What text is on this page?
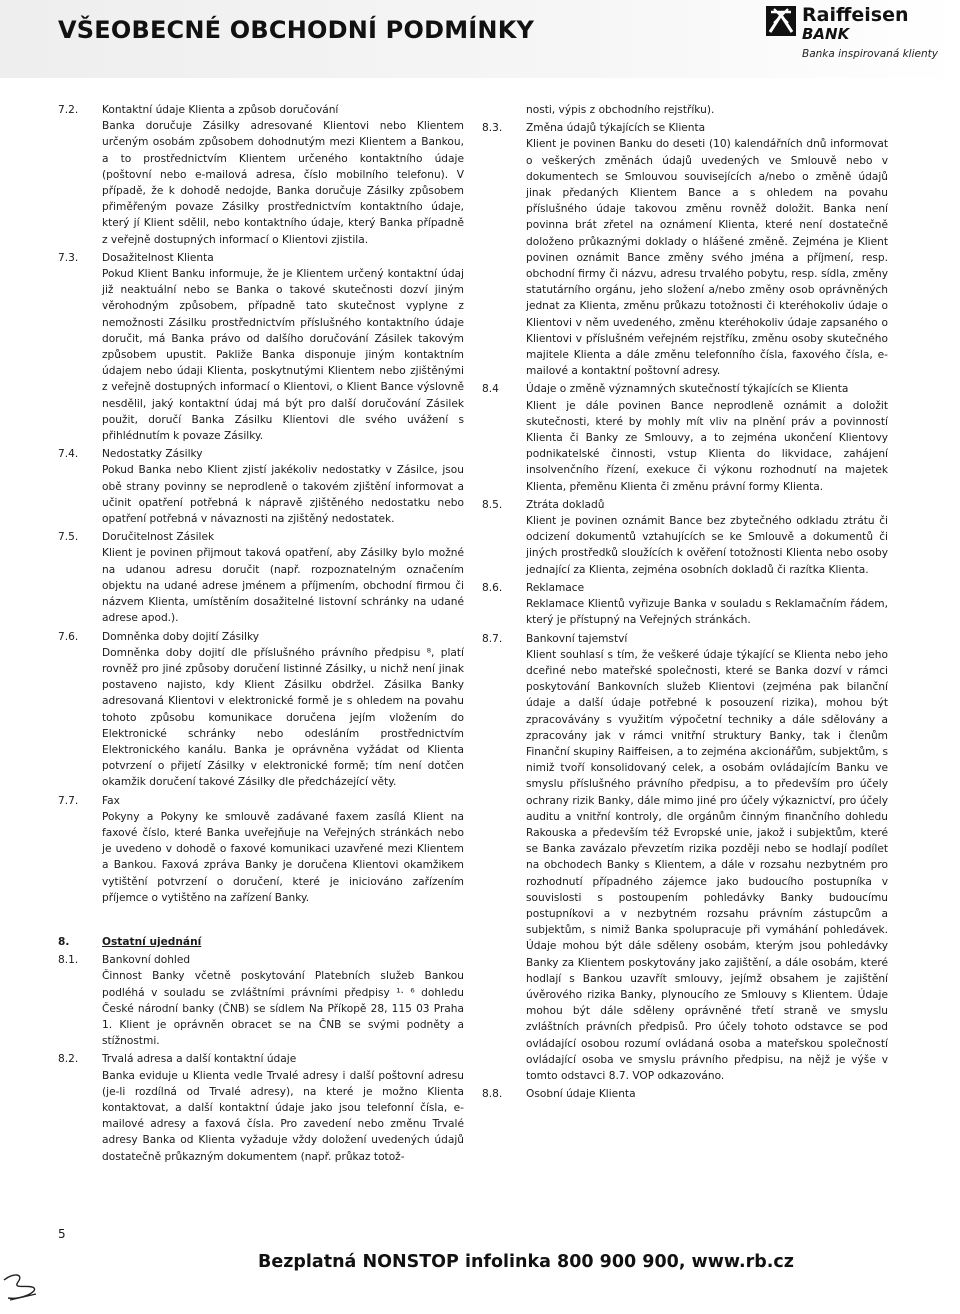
VŠEOBECNÉ OBCHODNÍ PODMÍNKY
Raiffeisen
BANK
Banka inspirovaná klienty
7.2.	Kontaktní údaje Klienta a způsob doručování
Banka doručuje Zásilky adresované Klientovi nebo Klientem určeným osobám způsobem dohodnutým mezi Klientem a Bankou, a to prostřednictvím Klientem určeného kontaktního údaje (poštovní nebo e-mailová adresa, číslo mobilního telefonu). V případě, že k dohodě nedojde, Banka doručuje Zásilky způsobem přiměřeným povaze Zásilky prostřednictvím kontaktního údaje, který jí Klient sdělil, nebo kontaktního údaje, který Banka případně z veřejně dostupných informací o Klientovi zjistila.
7.3.	Dosažitelnost Klienta
Pokud Klient Banku informuje, že je Klientem určený kontaktní údaj již neaktuální nebo se Banka o takové skutečnosti dozví jiným věrohodným způsobem, případně tato skutečnost vyplyne z nemožnosti Zásilku prostřednictvím příslušného kontaktního údaje doručit, má Banka právo od dalšího doručování Zásilek takovým způsobem upustit. Pakliže Banka disponuje jiným kontaktním údajem nebo údaji Klienta, poskytnutými Klientem nebo zjištěnými z veřejně dostupných informací o Klientovi, o Klient Bance výslovně nesdělil, jaký kontaktní údaj má být pro další doručování Zásilek použit, doručí Banka Zásilku Klientovi dle svého uvážení s přihlédnutím k povaze Zásilky.
7.4.	Nedostatky Zásilky
Pokud Banka nebo Klient zjistí jakékoliv nedostatky v Zásilce, jsou obě strany povinny se neprodleně o takovém zjištění informovat a učinit opatření potřebná k nápravě zjištěného nedostatku nebo opatření potřebná v návaznosti na zjištěný nedostatek.
7.5.	Doručitelnost Zásilek
Klient je povinen přijmout taková opatření, aby Zásilky bylo možné na udanou adresu doručit (např. rozpoznatelným označením objektu na udané adrese jménem a příjmením, obchodní firmou či názvem Klienta, umístěním dosažitelné listovní schránky na udané adrese apod.).
7.6.	Domněnka doby dojití Zásilky
Domněnka doby dojití dle příslušného právního předpisu ⁸, platí rovněž pro jiné způsoby doručení listinné Zásilky, u nichž není jinak postaveno najisto, kdy Klient Zásilku obdržel. Zásilka Banky adresovaná Klientovi v elektronické formě je s ohledem na povahu tohoto způsobu komunikace doručena jejím vložením do Elektronické schránky nebo odesláním prostřednictvím Elektronického kanálu. Banka je oprávněna vyžádat od Klienta potvrzení o přijetí Zásilky v elektronické formě; tím není dotčen okamžik doručení takové Zásilky dle předcházející věty.
7.7.	Fax
Pokyny a Pokyny ke smlouvě zadávané faxem zasílá Klient na faxové číslo, které Banka uveřejňuje na Veřejných stránkách nebo je uvedeno v dohodě o faxové komunikaci uzavřené mezi Klientem a Bankou. Faxová zpráva Banky je doručena Klientovi okamžikem vytištění potvrzení o doručení, které je iniciováno zařízením příjemce o vytištěno na zařízení Banky.
8.	Ostatní ujednání
8.1.	Bankovní dohled
Činnost Banky včetně poskytování Platebních služeb Bankou podléhá v souladu se zvláštními právními předpisy ¹· ⁶ dohledu České národní banky (ČNB) se sídlem Na Příkopě 28, 115 03 Praha 1. Klient je oprávněn obracet se na ČNB se svými podněty a stížnostmi.
8.2.	Trvalá adresa a další kontaktní údaje
Banka eviduje u Klienta vedle Trvalé adresy i další poštovní adresu (je-li rozdílná od Trvalé adresy), na které je možno Klienta kontaktovat, a další kontaktní údaje jako jsou telefonní čísla, e-mailové adresy a faxová čísla. Pro zavedení nebo změnu Trvalé adresy Banka od Klienta vyžaduje vždy doložení uvedených údajů dostatečně průkazným dokumentem (např. průkaz totož-
nosti, výpis z obchodního rejstříku).
8.3.	Změna údajů týkajících se Klienta
Klient je povinen Banku do deseti (10) kalendářních dnů informovat o veškerých změnách údajů uvedených ve Smlouvě nebo v dokumentech se Smlouvou souvisejících a/nebo o změně údajů jinak předaných Klientem Bance a s ohledem na povahu příslušného údaje takovou změnu rovněž doložit. Banka není povinna brát zřetel na oznámení Klienta, které není dostatečně doloženo průkaznými doklady o hlášené změně. Zejména je Klient povinen oznámit Bance změny svého jména a příjmení, resp. obchodní firmy či názvu, adresu trvalého pobytu, resp. sídla, změny statutárního orgánu, jeho složení a/nebo změny osob oprávněných jednat za Klienta, změnu průkazu totožnosti či kteréhokoliv údaje o Klientovi v něm uvedeného, změnu kteréhokoliv údaje zapsaného o Klientovi v příslušném veřejném rejstříku, změnu osoby skutečného majitele Klienta a dále změnu telefonního čísla, faxového čísla, e-mailové a kontaktní poštovní adresy.
8.4	Údaje o změně významných skutečností týkajících se Klienta
Klient je dále povinen Bance neprodleně oznámit a doložit skutečnosti, které by mohly mít vliv na plnění práv a povinností Klienta či Banky ze Smlouvy, a to zejména ukončení Klientovy podnikatelské činnosti, vstup Klienta do likvidace, zahájení insolvenčního řízení, exekuce či výkonu rozhodnutí na majetek Klienta, přeměnu Klienta či změnu právní formy Klienta.
8.5.	Ztráta dokladů
Klient je povinen oznámit Bance bez zbytečného odkladu ztrátu či odcizení dokumentů vztahujících se ke Smlouvě a dokumentů či jiných prostředků sloužících k ověření totožnosti Klienta nebo osoby jednající za Klienta, zejména osobních dokladů či razítka Klienta.
8.6.	Reklamace
Reklamace Klientů vyřizuje Banka v souladu s Reklamačním řádem, který je přístupný na Veřejných stránkách.
8.7.	Bankovní tajemství
Klient souhlasí s tím, že veškeré údaje týkající se Klienta nebo jeho dceřiné nebo mateřské společnosti, které se Banka dozví v rámci poskytování Bankovních služeb Klientovi (zejména pak bilanční údaje a další údaje potřebné k posouzení rizika), mohou být zpracovávány s využitím výpočetní techniky a dále sdělovány a zpracovány jak v rámci vnitřní struktury Banky, tak i členům Finanční skupiny Raiffeisen, a to zejména akcionářům, subjektům, s nimiž tvoří konsolidovaný celek, a osobám ovládajícím Banku ve smyslu příslušného právního předpisu, a to především pro účely ochrany rizik Banky, dále mimo jiné pro účely výkaznictví, pro účely auditu a vnitřní kontroly, dle orgánům činným finančního dohledu Rakouska a především též Evropské unie, jakož i subjektům, které se Banka zavázalo převzetím rizika později nebo se hodlají podílet na obchodech Banky s Klientem, a dále v rozsahu nezbytném pro rozhodnutí případného zájemce jako budoucího postupníka v souvislosti s postoupením pohledávky Banky budoucímu postupníkovi a v nezbytném rozsahu právním zástupcům a subjektům, s nimiž Banka spolupracuje při vymáhání pohledávek. Údaje mohou být dále sděleny osobám, kterým jsou pohledávky Banky za Klientem poskytovány jako zajištění, a dále osobám, které hodlají s Bankou uzavřít smlouvy, jejímž obsahem je zajištění úvěrového rizika Banky, plynoucího ze Smlouvy s Klientem. Údaje mohou být dále sděleny oprávněné třetí straně ve smyslu zvláštních právních předpisů. Pro účely tohoto odstavce se pod ovládající osobou rozumí ovládaná osoba a mateřskou společností ovládající osoba ve smyslu právního předpisu, na nějž je výše v tomto odstavci 8.7. VOP odkazováno.
8.8.	Osobní údaje Klienta
5
Bezplatná NONSTOP infolinka 800 900 900, www.rb.cz
